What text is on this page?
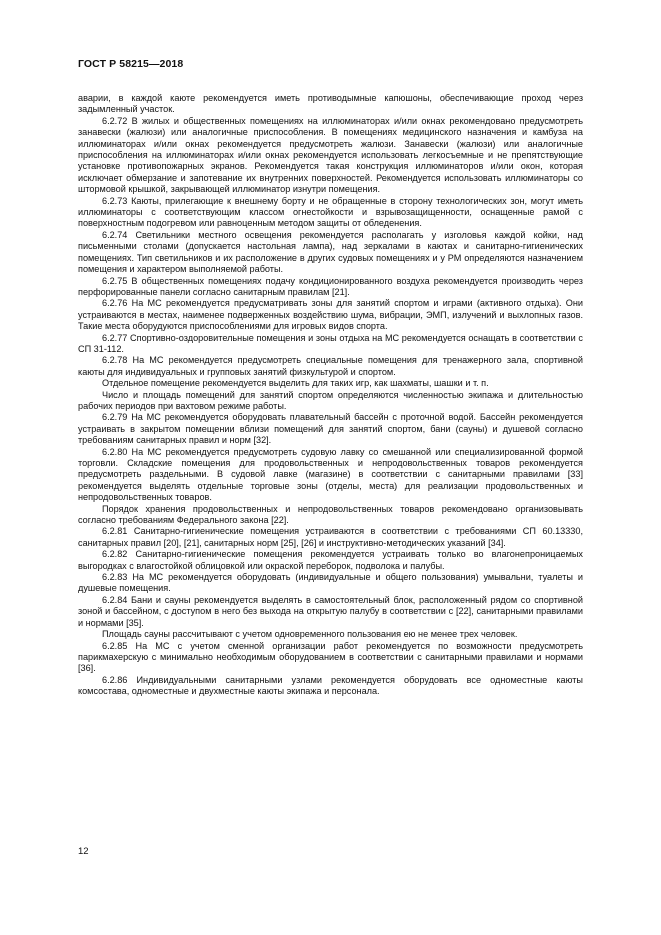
ГОСТ Р 58215—2018

аварии, в каждой каюте рекомендуется иметь противодымные капюшоны, обеспечивающие проход через задымленный участок.

6.2.72 В жилых и общественных помещениях на иллюминаторах и/или окнах рекомендовано предусмотреть занавески (жалюзи) или аналогичные приспособления. В помещениях медицинского назначения и камбуза на иллюминаторах и/или окнах рекомендуется предусмотреть жалюзи. Занавески (жалюзи) или аналогичные приспособления на иллюминаторах и/или окнах рекомендуется использовать легкосъемные и не препятствующие установке противопожарных экранов. Рекомендуется такая конструкция иллюминаторов и/или окон, которая исключает обмерзание и запотевание их внутренних поверхностей. Рекомендуется использовать иллюминаторы со штормовой крышкой, закрывающей иллюминатор изнутри помещения.

6.2.73 Каюты, прилегающие к внешнему борту и не обращенные в сторону технологических зон, могут иметь иллюминаторы с соответствующим классом огнестойкости и взрывозащищенности, оснащенные рамой с поверхностным подогревом или равноценным методом защиты от обледенения.

6.2.74 Светильники местного освещения рекомендуется располагать у изголовья каждой койки, над письменными столами (допускается настольная лампа), над зеркалами в каютах и санитарно-гигиенических помещениях. Тип светильников и их расположение в других судовых помещениях и у РМ определяются назначением помещения и характером выполняемой работы.

6.2.75 В общественных помещениях подачу кондиционированного воздуха рекомендуется производить через перфорированные панели согласно санитарным правилам [21].

6.2.76 На МС рекомендуется предусматривать зоны для занятий спортом и играми (активного отдыха). Они устраиваются в местах, наименее подверженных воздействию шума, вибрации, ЭМП, излучений и выхлопных газов. Такие места оборудуются приспособлениями для игровых видов спорта.

6.2.77 Спортивно-оздоровительные помещения и зоны отдыха на МС рекомендуется оснащать в соответствии с СП 31-112.

6.2.78 На МС рекомендуется предусмотреть специальные помещения для тренажерного зала, спортивной каюты для индивидуальных и групповых занятий физкультурой и спортом.

Отдельное помещение рекомендуется выделить для таких игр, как шахматы, шашки и т. п.

Число и площадь помещений для занятий спортом определяются численностью экипажа и длительностью рабочих периодов при вахтовом режиме работы.

6.2.79 На МС рекомендуется оборудовать плавательный бассейн с проточной водой. Бассейн рекомендуется устраивать в закрытом помещении вблизи помещений для занятий спортом, бани (сауны) и душевой согласно требованиям санитарных правил и норм [32].

6.2.80 На МС рекомендуется предусмотреть судовую лавку со смешанной или специализированной формой торговли. Складские помещения для продовольственных и непродовольственных товаров рекомендуется предусмотреть раздельными. В судовой лавке (магазине) в соответствии с санитарными правилами [33] рекомендуется выделять отдельные торговые зоны (отделы, места) для реализации продовольственных и непродовольственных товаров.

Порядок хранения продовольственных и непродовольственных товаров рекомендовано организовывать согласно требованиям Федерального закона [22].

6.2.81 Санитарно-гигиенические помещения устраиваются в соответствии с требованиями СП 60.13330, санитарных правил [20], [21], санитарных норм [25], [26] и инструктивно-методических указаний [34].

6.2.82 Санитарно-гигиенические помещения рекомендуется устраивать только во влагонепроницаемых выгородках с влагостойкой облицовкой или окраской переборок, подволока и палубы.

6.2.83 На МС рекомендуется оборудовать (индивидуальные и общего пользования) умывальни, туалеты и душевые помещения.

6.2.84 Бани и сауны рекомендуется выделять в самостоятельный блок, расположенный рядом со спортивной зоной и бассейном, с доступом в него без выхода на открытую палубу в соответствии с [22], санитарными правилами и нормами [35].

Площадь сауны рассчитывают с учетом одновременного пользования ею не менее трех человек.

6.2.85 На МС с учетом сменной организации работ рекомендуется по возможности предусмотреть парикмахерскую с минимально необходимым оборудованием в соответствии с санитарными правилами и нормами [36].

6.2.86 Индивидуальными санитарными узлами рекомендуется оборудовать все одноместные каюты комсостава, одноместные и двухместные каюты экипажа и персонала.

12
